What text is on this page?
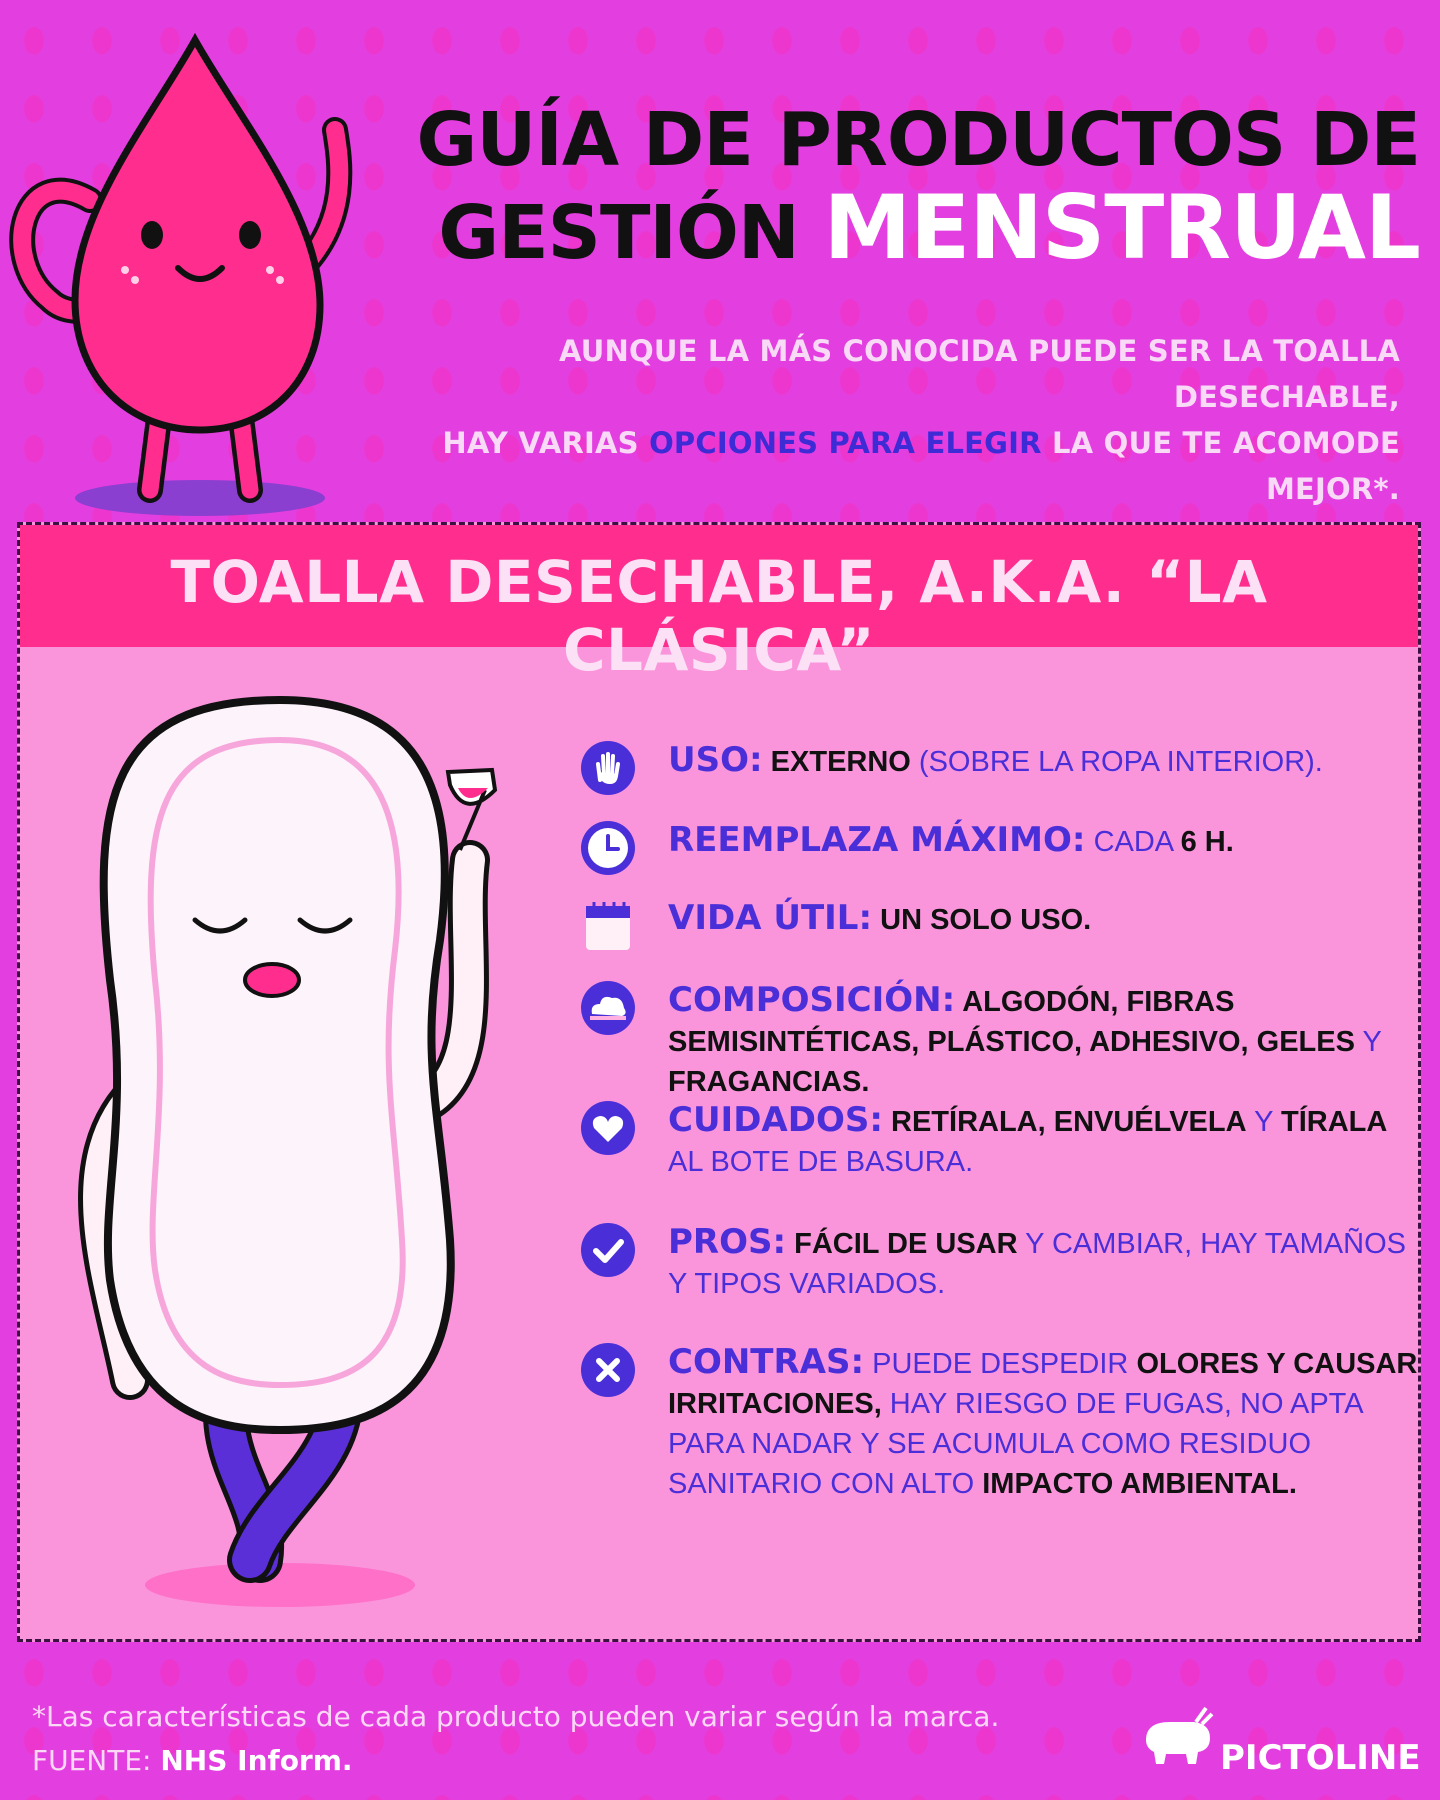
GUÍA DE PRODUCTOS DE
GESTIÓN MENSTRUAL
AUNQUE LA MÁS CONOCIDA PUEDE SER LA TOALLA DESECHABLE,
HAY VARIAS OPCIONES PARA ELEGIR LA QUE TE ACOMODE MEJOR*.
TOALLA DESECHABLE, A.K.A. “LA CLÁSICA”
USO: EXTERNO (SOBRE LA ROPA INTERIOR).
REEMPLAZA MÁXIMO: CADA 6 H.
VIDA ÚTIL: UN SOLO USO.
COMPOSICIÓN: ALGODÓN, FIBRAS SEMISINTÉTICAS, PLÁSTICO, ADHESIVO, GELES Y FRAGANCIAS.
CUIDADOS: RETÍRALA, ENVUÉLVELA Y TÍRALA AL BOTE DE BASURA.
PROS: FÁCIL DE USAR Y CAMBIAR, HAY TAMAÑOS Y TIPOS VARIADOS.
CONTRAS: PUEDE DESPEDIR OLORES Y CAUSAR IRRITACIONES, HAY RIESGO DE FUGAS, NO APTA PARA NADAR Y SE ACUMULA COMO RESIDUO SANITARIO CON ALTO IMPACTO AMBIENTAL.
*Las características de cada producto pueden variar según la marca.
FUENTE: NHS Inform.	PICTOLINE
